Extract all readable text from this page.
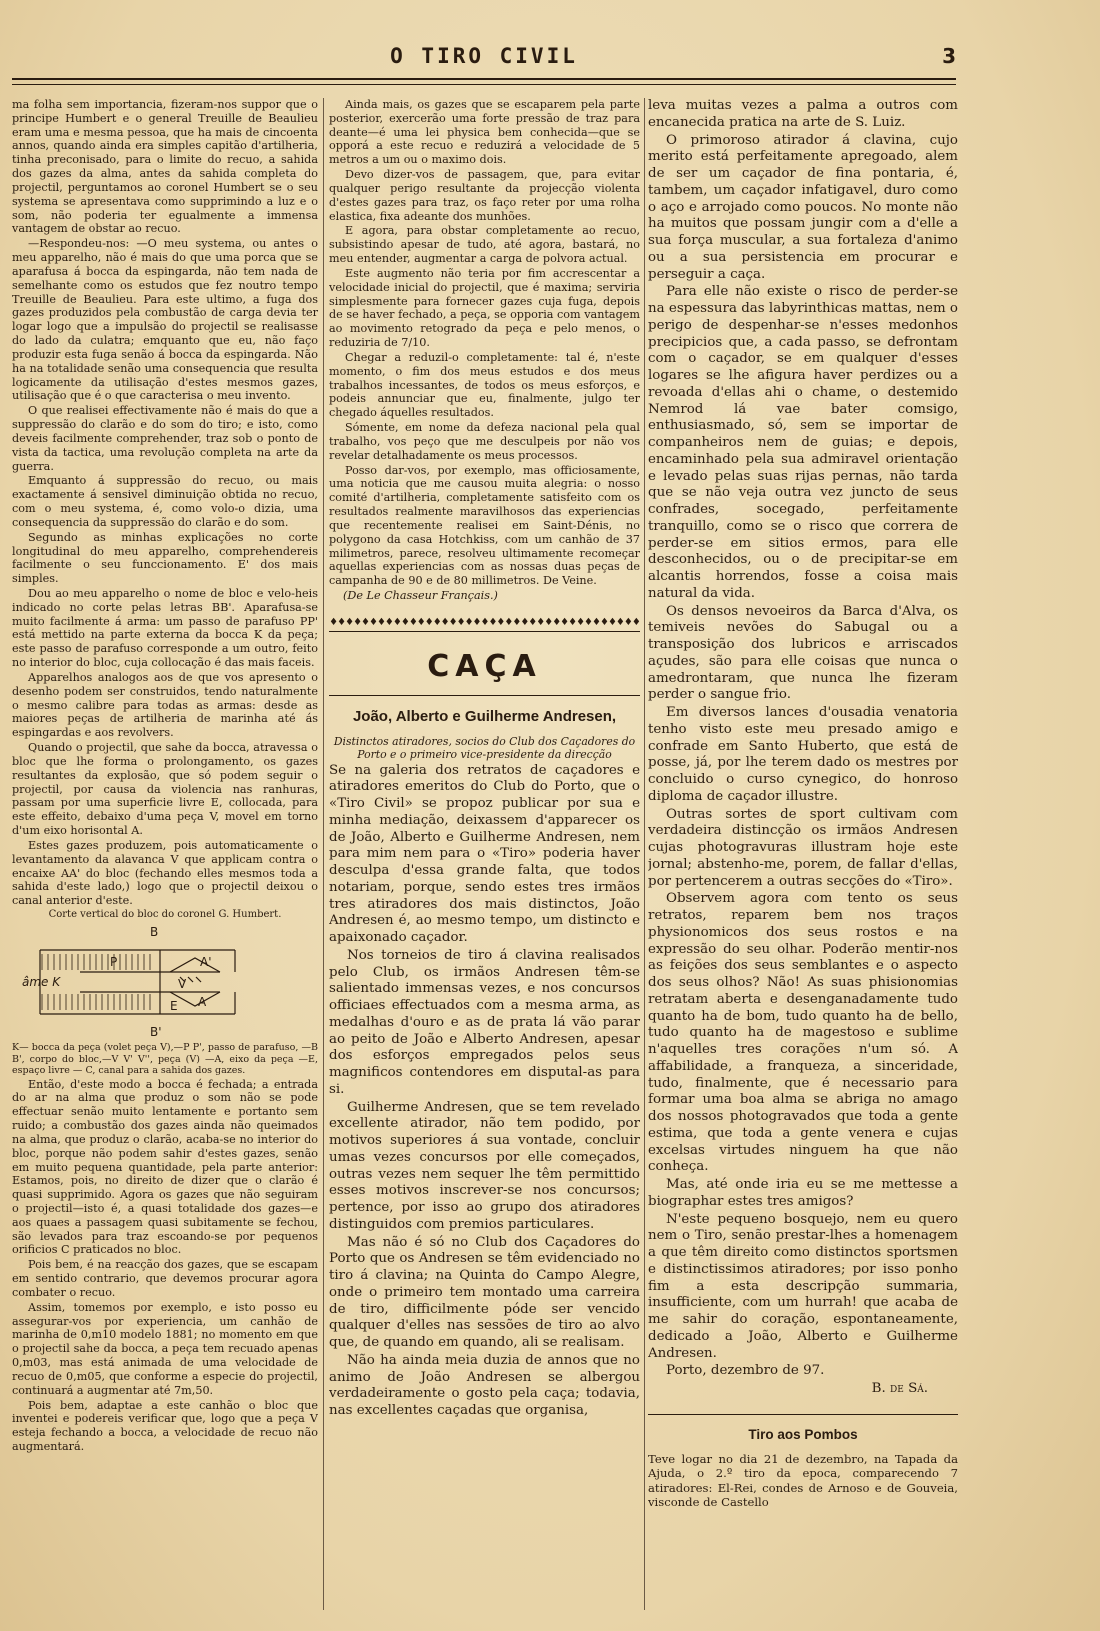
O TIRO CIVIL	3

ma folha sem importancia, fizeram-nos suppor que o principe Humbert e o general Treuille de Beaulieu eram uma e mesma pessoa, que ha mais de cincoenta annos, quando ainda era simples capitão d'artilheria, tinha preconisado, para o limite do recuo, a sahida dos gazes da alma, antes da sahida completa do projectil, perguntamos ao coronel Humbert se o seu systema se apresentava como supprimindo a luz e o som, não poderia ter egualmente a immensa vantagem de obstar ao recuo.

—Respondeu-nos: —O meu systema, ou antes o meu apparelho, não é mais do que uma porca que se aparafusa á bocca da espingarda, não tem nada de semelhante como os estudos que fez noutro tempo Treuille de Beaulieu. Para este ultimo, a fuga dos gazes produzidos pela combustão de carga devia ter logar logo que a impulsão do projectil se realisasse do lado da culatra; emquanto que eu, não faço produzir esta fuga senão á bocca da espingarda. Não ha na totalidade senão uma consequencia que resulta logicamente da utilisação d'estes mesmos gazes, utilisação que é o que caracterisa o meu invento.

O que realisei effectivamente não é mais do que a suppressão do clarão e do som do tiro; e isto, como deveis facilmente comprehender, traz sob o ponto de vista da tactica, uma revolução completa na arte da guerra.

Emquanto á suppressão do recuo, ou mais exactamente á sensivel diminuição obtida no recuo, com o meu systema, é, como volo-o dizia, uma consequencia da suppressão do clarão e do som.

Segundo as minhas explicações no corte longitudinal do meu apparelho, comprehendereis facilmente o seu funccionamento. E' dos mais simples.

Dou ao meu apparelho o nome de bloc e velo-heis indicado no corte pelas letras BB'. Aparafusa-se muito facilmente á arma: um passo de parafuso PP' está mettido na parte externa da bocca K da peça; este passo de parafuso corresponde a um outro, feito no interior do bloc, cuja collocação é das mais faceis.

Apparelhos analogos aos de que vos apresento o desenho podem ser construidos, tendo naturalmente o mesmo calibre para todas as armas: desde as maiores peças de artilheria de marinha até ás espingardas e aos revolvers.

Quando o projectil, que sahe da bocca, atravessa o bloc que lhe forma o prolongamento, os gazes resultantes da explosão, que só podem seguir o projectil, por causa da violencia nas ranhuras, passam por uma superficie livre E, collocada, para este effeito, debaixo d'uma peça V, movel em torno d'um eixo horisontal A.

Estes gazes produzem, pois automaticamente o levantamento da alavanca V que applicam contra o encaixe AA' do bloc (fechando elles mesmos toda a sahida d'este lado,) logo que o projectil deixou o canal anterior d'este.

Corte vertical do bloc do coronel G. Humbert.

B
B'
âme K
P	A'
A
V
E

K— bocca da peça (volet peça V),—P P', passo de parafuso, —B B', corpo do bloc,—V V' V'', peça (V) —A, eixo da peça —E, espaço livre — C, canal para a sahida dos gazes.

Então, d'este modo a bocca é fechada; a entrada do ar na alma que produz o som não se pode effectuar senão muito lentamente e portanto sem ruido; a combustão dos gazes ainda não queimados na alma, que produz o clarão, acaba-se no interior do bloc, porque não podem sahir d'estes gazes, senão em muito pequena quantidade, pela parte anterior: Estamos, pois, no direito de dizer que o clarão é quasi supprimido. Agora os gazes que não seguiram o projectil—isto é, a quasi totalidade dos gazes—e aos quaes a passagem quasi subitamente se fechou, são levados para traz escoando-se por pequenos orificios C praticados no bloc.

Pois bem, é na reacção dos gazes, que se escapam em sentido contrario, que devemos procurar agora combater o recuo.

Assim, tomemos por exemplo, e isto posso eu assegurar-vos por experiencia, um canhão de marinha de 0,m10 modelo 1881; no momento em que o projectil sahe da bocca, a peça tem recuado apenas 0,m03, mas está animada de uma velocidade de recuo de 0,m05, que conforme a especie do projectil, continuará a augmentar até 7m,50.

Pois bem, adaptae a este canhão o bloc que inventei e podereis verificar que, logo que a peça V esteja fechando a bocca, a velocidade de recuo não augmentará.

Ainda mais, os gazes que se escaparem pela parte posterior, exercerão uma forte pressão de traz para deante—é uma lei physica bem conhecida—que se opporá a este recuo e reduzirá a velocidade de 5 metros a um ou o maximo dois.

Devo dizer-vos de passagem, que, para evitar qualquer perigo resultante da projecção violenta d'estes gazes para traz, os faço reter por uma rolha elastica, fixa adeante dos munhões.

E agora, para obstar completamente ao recuo, subsistindo apesar de tudo, até agora, bastará, no meu entender, augmentar a carga de polvora actual.

Este augmento não teria por fim accrescentar a velocidade inicial do projectil, que é maxima; serviria simplesmente para fornecer gazes cuja fuga, depois de se haver fechado, a peça, se opporia com vantagem ao movimento retogrado da peça e pelo menos, o reduziria de 7/10.

Chegar a reduzil-o completamente: tal é, n'este momento, o fim dos meus estudos e dos meus trabalhos incessantes, de todos os meus esforços, e podeis annunciar que eu, finalmente, julgo ter chegado áquelles resultados.

Sómente, em nome da defeza nacional pela qual trabalho, vos peço que me desculpeis por não vos revelar detalhadamente os meus processos.

Posso dar-vos, por exemplo, mas officiosamente, uma noticia que me causou muita alegria: o nosso comité d'artilheria, completamente satisfeito com os resultados realmente maravilhosos das experiencias que recentemente realisei em Saint-Dénis, no polygono da casa Hotchkiss, com um canhão de 37 milimetros, parece, resolveu ultimamente recomeçar aquellas experiencias com as nossas duas peças de campanha de 90 e de 80 millimetros. De Veine.

(De Le Chasseur Français.)

♦♦♦♦♦♦♦♦♦♦♦♦♦♦♦♦♦♦♦♦♦♦♦♦♦♦♦♦♦♦♦♦♦♦♦♦♦♦♦
CAÇA
João, Alberto e Guilherme Andresen,

Distinctos atiradores, socios do Club dos Caçadores do Porto e o primeiro vice-presidente da direcção

Se na galeria dos retratos de caçadores e atiradores emeritos do Club do Porto, que o «Tiro Civil» se propoz publicar por sua e minha mediação, deixassem d'apparecer os de João, Alberto e Guilherme Andresen, nem para mim nem para o «Tiro» poderia haver desculpa d'essa grande falta, que todos notariam, porque, sendo estes tres irmãos tres atiradores dos mais distinctos, João Andresen é, ao mesmo tempo, um distincto e apaixonado caçador.

Nos torneios de tiro á clavina realisados pelo Club, os irmãos Andresen têm-se salientado immensas vezes, e nos concursos officiaes effectuados com a mesma arma, as medalhas d'ouro e as de prata lá vão parar ao peito de João e Alberto Andresen, apesar dos esforços empregados pelos seus magnificos contendores em disputal-as para si.

Guilherme Andresen, que se tem revelado excellente atirador, não tem podido, por motivos superiores á sua vontade, concluir umas vezes concursos por elle começados, outras vezes nem sequer lhe têm permittido esses motivos inscrever-se nos concursos; pertence, por isso ao grupo dos atiradores distinguidos com premios particulares.

Mas não é só no Club dos Caçadores do Porto que os Andresen se têm evidenciado no tiro á clavina; na Quinta do Campo Alegre, onde o primeiro tem montado uma carreira de tiro, difficilmente póde ser vencido qualquer d'elles nas sessões de tiro ao alvo que, de quando em quando, ali se realisam.

Não ha ainda meia duzia de annos que no animo de João Andresen se albergou verdadeiramente o gosto pela caça; todavia, nas excellentes caçadas que organisa,

leva muitas vezes a palma a outros com encanecida pratica na arte de S. Luiz.

O primoroso atirador á clavina, cujo merito está perfeitamente apregoado, alem de ser um caçador de fina pontaria, é, tambem, um caçador infatigavel, duro como o aço e arrojado como poucos. No monte não ha muitos que possam jungir com a d'elle a sua força muscular, a sua fortaleza d'animo ou a sua persistencia em procurar e perseguir a caça.

Para elle não existe o risco de perder-se na espessura das labyrinthicas mattas, nem o perigo de despenhar-se n'esses medonhos precipicios que, a cada passo, se defrontam com o caçador, se em qualquer d'esses logares se lhe afigura haver perdizes ou a revoada d'ellas ahi o chame, o destemido Nemrod lá vae bater comsigo, enthusiasmado, só, sem se importar de companheiros nem de guias; e depois, encaminhado pela sua admiravel orientação e levado pelas suas rijas pernas, não tarda que se não veja outra vez juncto de seus confrades, socegado, perfeitamente tranquillo, como se o risco que correra de perder-se em sitios ermos, para elle desconhecidos, ou o de precipitar-se em alcantis horrendos, fosse a coisa mais natural da vida.

Os densos nevoeiros da Barca d'Alva, os temiveis nevões do Sabugal ou a transposição dos lubricos e arriscados açudes, são para elle coisas que nunca o amedrontaram, que nunca lhe fizeram perder o sangue frio.

Em diversos lances d'ousadia venatoria tenho visto este meu presado amigo e confrade em Santo Huberto, que está de posse, já, por lhe terem dado os mestres por concluido o curso cynegico, do honroso diploma de caçador illustre.

Outras sortes de sport cultivam com verdadeira distincção os irmãos Andresen cujas photogravuras illustram hoje este jornal; abstenho-me, porem, de fallar d'ellas, por pertencerem a outras secções do «Tiro».

Observem agora com tento os seus retratos, reparem bem nos traços physionomicos dos seus rostos e na expressão do seu olhar. Poderão mentir-nos as feições dos seus semblantes e o aspecto dos seus olhos? Não! As suas phisionomias retratam aberta e desenganadamente tudo quanto ha de bom, tudo quanto ha de bello, tudo quanto ha de magestoso e sublime n'aquelles tres corações n'um só. A affabilidade, a franqueza, a sinceridade, tudo, finalmente, que é necessario para formar uma boa alma se abriga no amago dos nossos photogravados que toda a gente estima, que toda a gente venera e cujas excelsas virtudes ninguem ha que não conheça.

Mas, até onde iria eu se me mettesse a biographar estes tres amigos?

N'este pequeno bosquejo, nem eu quero nem o Tiro, senão prestar-lhes a homenagem a que têm direito como distinctos sportsmen e distinctissimos atiradores; por isso ponho fim a esta descripção summaria, insufficiente, com um hurrah! que acaba de me sahir do coração, espontaneamente, dedicado a João, Alberto e Guilherme Andresen.

Porto, dezembro de 97.

B. de Sá.

Tiro aos Pombos

Teve logar no dia 21 de dezembro, na Tapada da Ajuda, o 2.º tiro da epoca, comparecendo 7 atiradores: El-Rei, condes de Arnoso e de Gouveia, visconde de Castello
